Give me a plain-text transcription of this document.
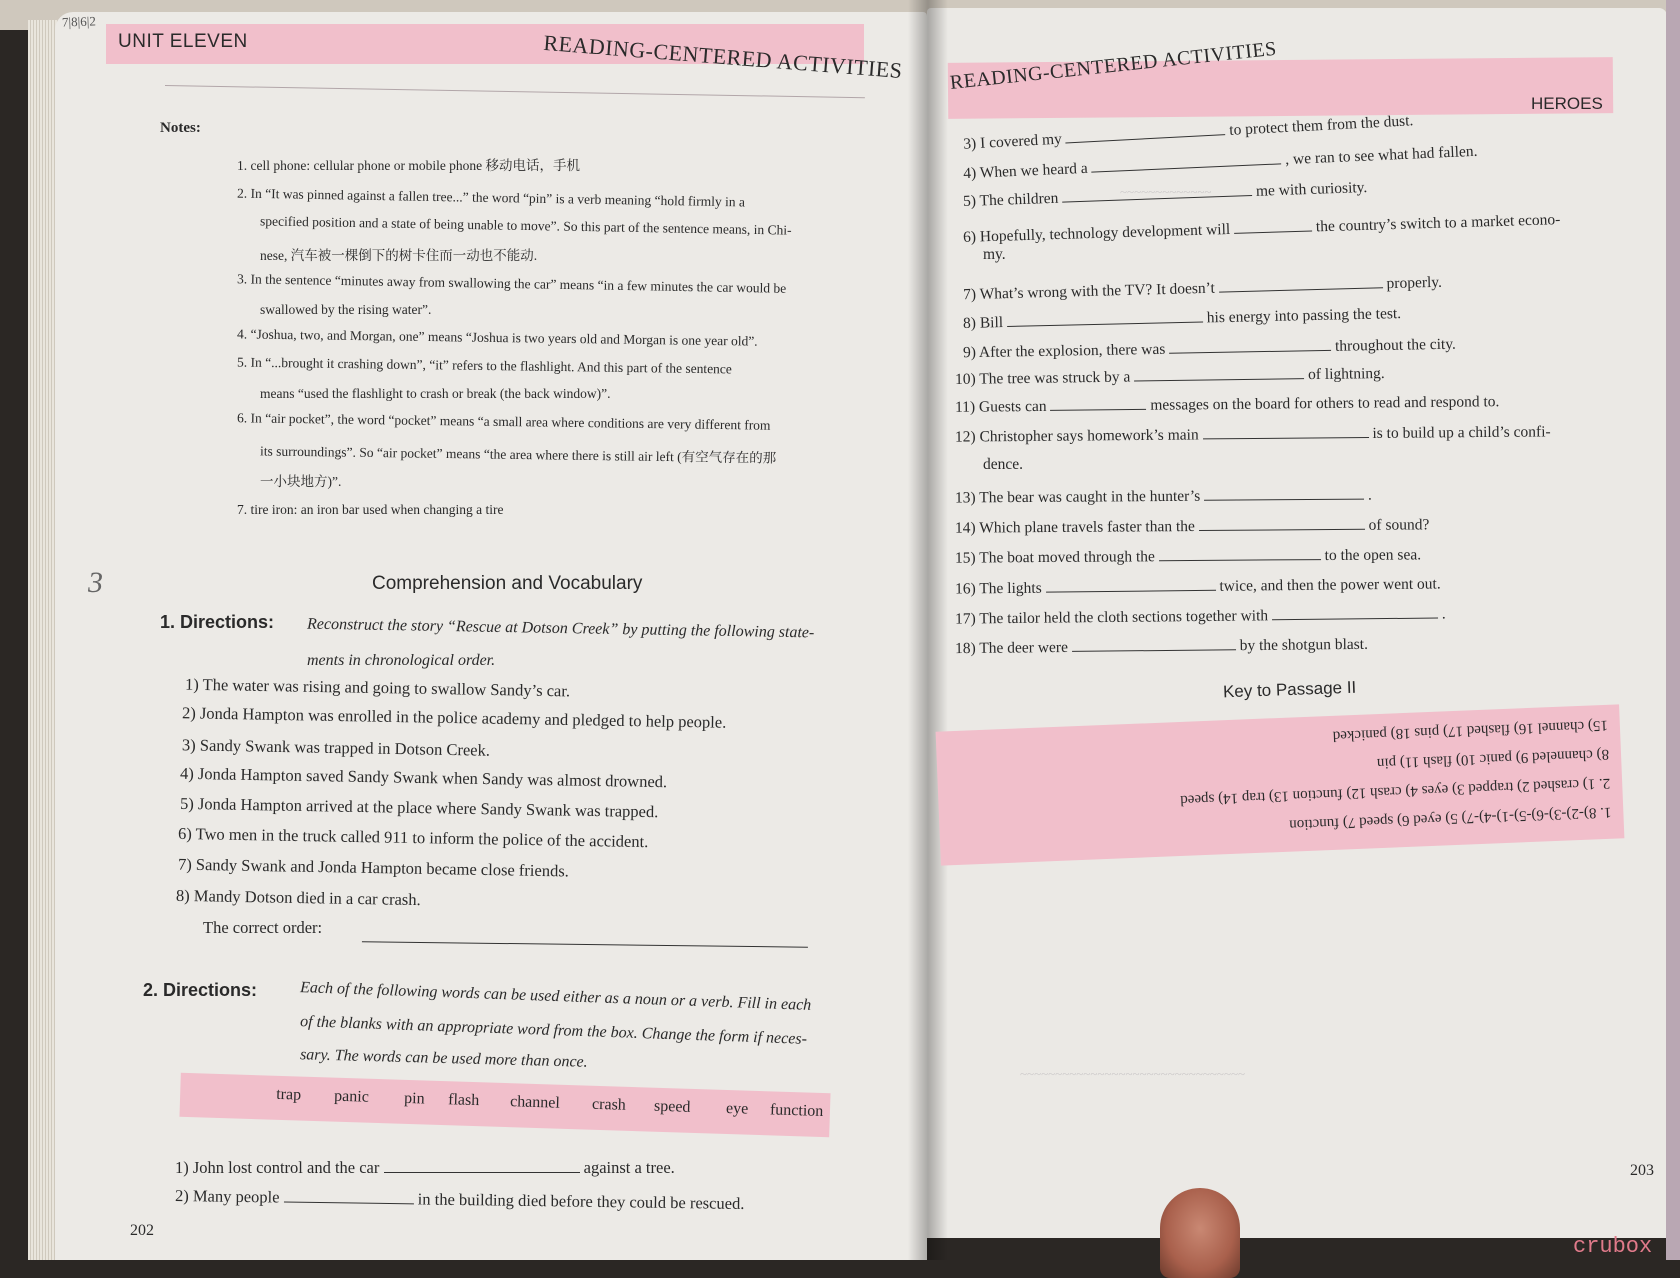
UNIT ELEVEN	READING-CENTERED ACTIVITIES
Notes:
1. cell phone: cellular phone or mobile phone 移动电话，手机
2. In “It was pinned against a fallen tree...” the word “pin” is a verb meaning “hold firmly in a
specified position and a state of being unable to move”. So this part of the sentence means, in Chi-
nese, 汽车被一棵倒下的树卡住而一动也不能动.
3. In the sentence “minutes away from swallowing the car” means “in a few minutes the car would be
swallowed by the rising water”.
4. “Joshua, two, and Morgan, one” means “Joshua is two years old and Morgan is one year old”.
5. In “...brought it crashing down”, “it” refers to the flashlight. And this part of the sentence
means “used the flashlight to crash or break (the back window)”.
6. In “air pocket”, the word “pocket” means “a small area where conditions are very different from
its surroundings”. So “air pocket” means “the area where there is still air left (有空气存在的那
一小块地方)”.
7. tire iron: an iron bar used when changing a tire
Comprehension and Vocabulary
1. Directions: Reconstruct the story “Rescue at Dotson Creek” by putting the following state-
ments in chronological order.
1) The water was rising and going to swallow Sandy’s car.
2) Jonda Hampton was enrolled in the police academy and pledged to help people.
3) Sandy Swank was trapped in Dotson Creek.
4) Jonda Hampton saved Sandy Swank when Sandy was almost drowned.
5) Jonda Hampton arrived at the place where Sandy Swank was trapped.
6) Two men in the truck called 911 to inform the police of the accident.
7) Sandy Swank and Jonda Hampton became close friends.
8) Mandy Dotson died in a car crash.
The correct order:
2. Directions:	Each of the following words can be used either as a noun or a verb. Fill in each
of the blanks with an appropriate word from the box. Change the form if neces-
sary. The words can be used more than once.
trap panic pin flash channel crash speed eye function
1) John lost control and the car	against a tree.
2) Many people	in the building died before they could be rescued.
202
7|8|6|2
3
READING-CENTERED ACTIVITIES
HEROES
~~~~~~~~~~~~~
~~~~~~~~~~~~~~~~~~~~~~~~~~~~~~~~
3) I covered my  to protect them from the dust.
4) When we heard a  , we ran to see what had fallen.
5) The children  me with curiosity.
6) Hopefully, technology development will	the country’s switch to a market econo-
my.
7) What’s wrong with the TV? It doesn’t	properly.
8) Bill	his energy into passing the test.
9) After the explosion, there was	throughout the city.
10) The tree was struck by a	of lightning.
11) Guests can	messages on the board for others to read and respond to.
12) Christopher says homework’s main	is to build up a child’s confi-
dence.
13) The bear was caught in the hunter’s	.
14) Which plane travels faster than the	of sound?
15) The boat moved through the	to the open sea.
16) The lights	twice, and then the power went out.
17) The tailor held the cloth sections together with	.
18) The deer were	by the shotgun blast.
Key to Passage II
1. 8)-2)-3)-6)-5)-1)-4)-7) 5) eyed 6) speed 7) function
2. 1) crashed 2) trapped 3) eyes 4) crash 12) function 13) trap 14) speed
8) channeled 9) panic 10) flash 11) pin
15) channel 16) flashed 17) pins 18) panicked
203
crubox
